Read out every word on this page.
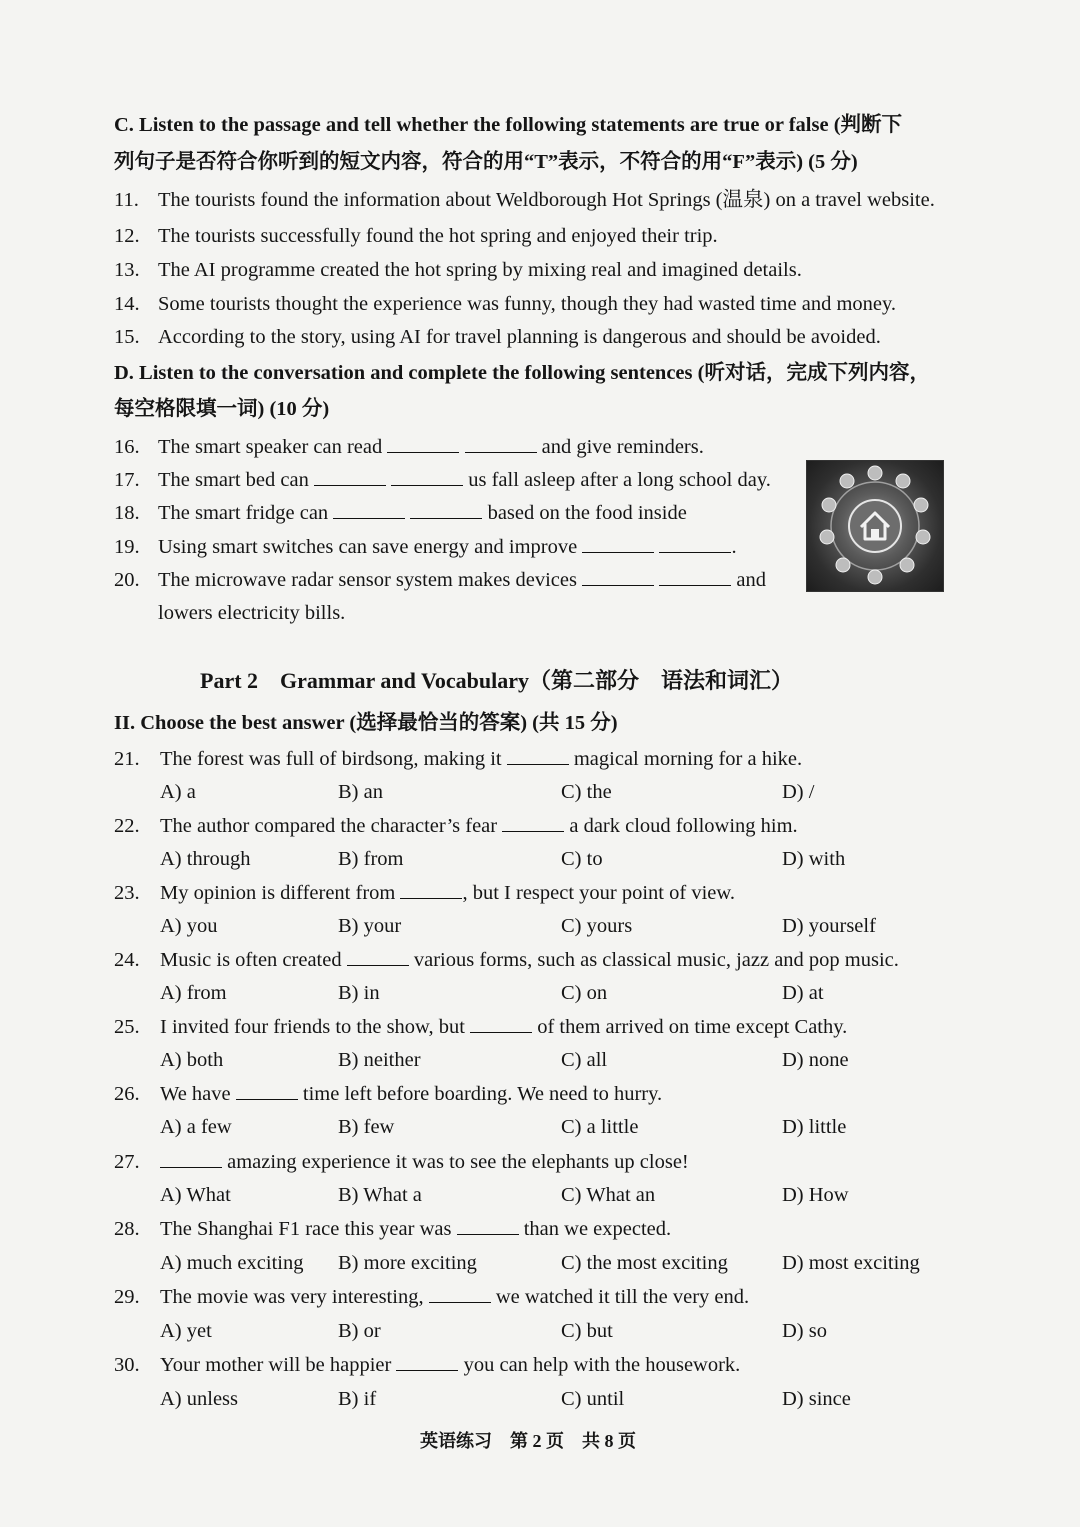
C. Listen to the passage and tell whether the following statements are true or false (判断下
列句子是否符合你听到的短文内容，符合的用“T”表示，不符合的用“F”表示) (5 分)
11. The tourists found the information about Weldborough Hot Springs (温泉) on a travel website.
12. The tourists successfully found the hot spring and enjoyed their trip.
13. The AI programme created the hot spring by mixing real and imagined details.
14. Some tourists thought the experience was funny, though they had wasted time and money.
15. According to the story, using AI for travel planning is dangerous and should be avoided.
D. Listen to the conversation and complete the following sentences (听对话，完成下列内容，
每空格限填一词) (10 分)
16. The smart speaker can read	and give reminders.
17. The smart bed can	us fall asleep after a long school day.
18. The smart fridge can	based on the food inside
19. Using smart switches can save energy and improve	.
20. The microwave radar sensor system makes devices	and
lowers electricity bills.
Part 2　Grammar and Vocabulary（第二部分　语法和词汇）
II. Choose the best answer (选择最恰当的答案) (共 15 分)
21. The forest was full of birdsong, making it	magical morning for a hike.
A) a	B) an	C) the	D) /
22. The author compared the character’s fear	a dark cloud following him.
A) through	B) from	C) to	D) with
23. My opinion is different from	, but I respect your point of view.
A) you	B) your	C) yours	D) yourself
24. Music is often created	various forms, such as classical music, jazz and pop music.
A) from	B) in	C) on	D) at
25. I invited four friends to the show, but	of them arrived on time except Cathy.
A) both	B) neither	C) all	D) none
26. We have	time left before boarding. We need to hurry.
A) a few	B) few	C) a little	D) little
27.	amazing experience it was to see the elephants up close!
A) What	B) What a	C) What an	D) How
28. The Shanghai F1 race this year was	than we expected.
A) much exciting B) more exciting	C) the most exciting	D) most exciting
29. The movie was very interesting,	we watched it till the very end.
A) yet	B) or	C) but	D) so
30. Your mother will be happier	you can help with the housework.
A) unless	B) if	C) until	D) since
英语练习　第 2 页　共 8 页
